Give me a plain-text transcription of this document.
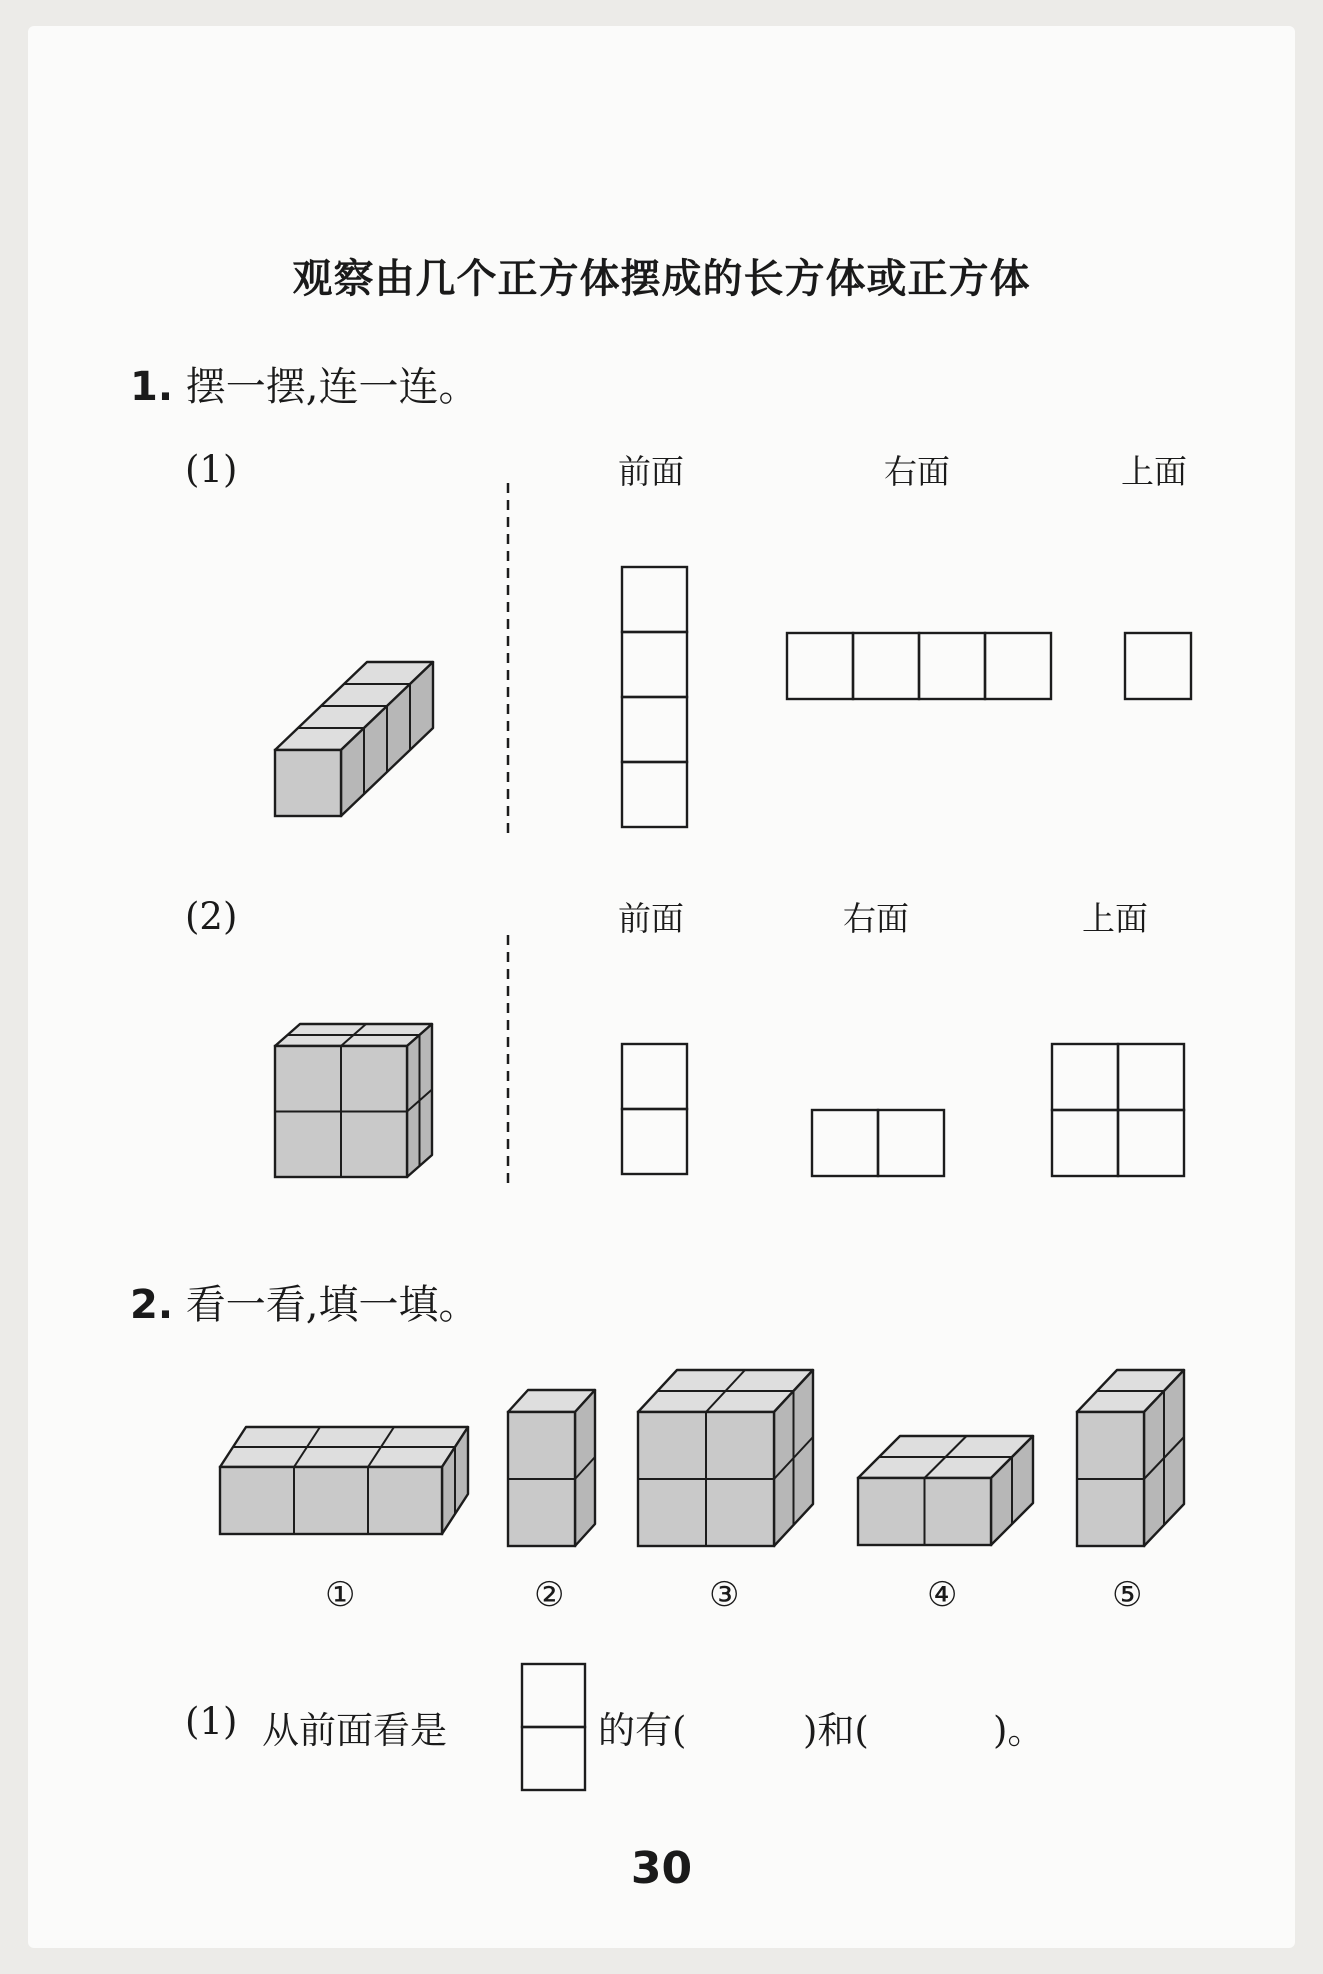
观察由几个正方体摆成的长方体或正方体
1. 摆一摆,连一连。
(1)	前面	右面	上面
(2)	前面	右面	上面
2. 看一看,填一填。
①	②	③	④	⑤
(1) 从前面看是	的有(	)和(	)。
30
